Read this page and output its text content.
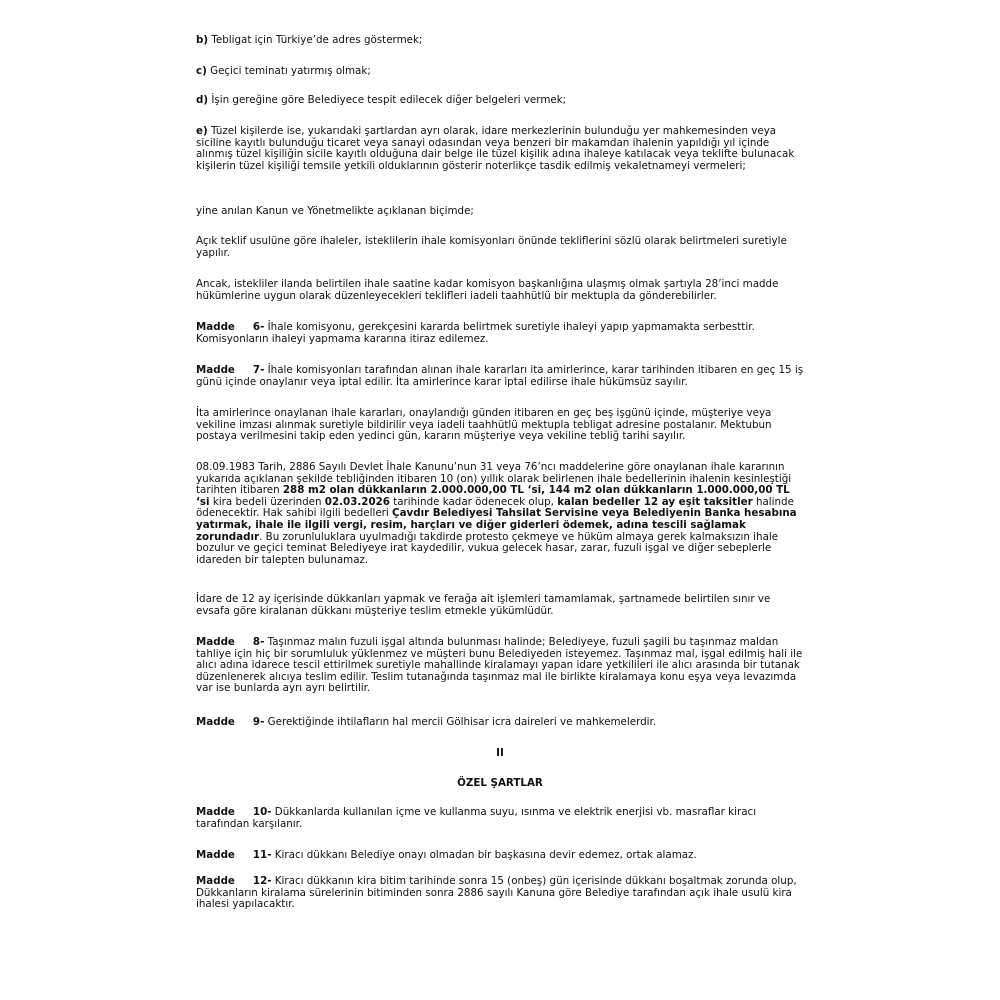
b) Tebligat için Türkiye’de adres göstermek;

c) Geçici teminatı yatırmış olmak;

d) İşin gereğine göre Belediyece tespit edilecek diğer belgeleri vermek;

e) Tüzel kişilerde ise, yukarıdaki şartlardan ayrı olarak, idare merkezlerinin bulunduğu yer mahkemesinden veya siciline kayıtlı bulunduğu ticaret veya sanayi odasından veya benzeri bir makamdan ihalenin yapıldığı yıl içinde alınmış tüzel kişiliğin sicile kayıtlı olduğuna dair belge ile tüzel kişilik adına ihaleye katılacak veya teklifte bulunacak kişilerin tüzel kişiliği temsile yetkili olduklarının gösterir noterlikçe tasdik edilmiş vekaletnameyi vermeleri;

yine anılan Kanun ve Yönetmelikte açıklanan biçimde;

Açık teklif usulüne göre ihaleler, isteklilerin ihale komisyonları önünde tekliflerini sözlü olarak belirtmeleri suretiyle yapılır.

Ancak, istekliler ilanda belirtilen ihale saatine kadar komisyon başkanlığına ulaşmış olmak şartıyla 28’inci madde hükümlerine uygun olarak düzenleyecekleri teklifleri iadeli taahhütlü bir mektupla da gönderebilirler.

Madde 6- İhale komisyonu, gerekçesini kararda belirtmek suretiyle ihaleyi yapıp yapmamakta serbesttir. Komisyonların ihaleyi yapmama kararına itiraz edilemez.

Madde 7- İhale komisyonları tarafından alınan ihale kararları ita amirlerince, karar tarihinden itibaren en geç 15 iş günü içinde onaylanır veya iptal edilir. İta amirlerince karar iptal edilirse ihale hükümsüz sayılır.

İta amirlerince onaylanan ihale kararları, onaylandığı günden itibaren en geç beş işgünü içinde, müşteriye veya vekiline imzası alınmak suretiyle bildirilir veya iadeli taahhütlü mektupla tebligat adresine postalanır. Mektubun postaya verilmesini takip eden yedinci gün, kararın müşteriye veya vekiline tebliğ tarihi sayılır.

08.09.1983 Tarih, 2886 Sayılı Devlet İhale Kanunu’nun 31 veya 76’ncı maddelerine göre onaylanan ihale kararının yukarıda açıklanan şekilde tebliğinden itibaren 10 (on) yıllık olarak belirlenen ihale bedellerinin ihalenin kesinleştiği tarihten itibaren 288 m2 olan dükkanların 2.000.000,00 TL ‘si, 144 m2 olan dükkanların 1.000.000,00 TL ‘si kira bedeli üzerinden 02.03.2026 tarihinde kadar ödenecek olup, kalan bedeller 12 ay eşit taksitler halinde ödenecektir. Hak sahibi ilgili bedelleri Çavdır Belediyesi Tahsilat Servisine veya Belediyenin Banka hesabına yatırmak, ihale ile ilgili vergi, resim, harçları ve diğer giderleri ödemek, adına tescili sağlamak zorundadır. Bu zorunluluklara uyulmadığı takdirde protesto çekmeye ve hüküm almaya gerek kalmaksızın ihale bozulur ve geçici teminat Belediyeye irat kaydedilir, vukua gelecek hasar, zarar, fuzuli işgal ve diğer sebeplerle idareden bir talepten bulunamaz.

İdare de 12 ay içerisinde dükkanları yapmak ve ferağa ait işlemleri tamamlamak, şartnamede belirtilen sınır ve evsafa göre kiralanan dükkanı müşteriye teslim etmekle yükümlüdür.

Madde 8- Taşınmaz malın fuzuli işgal altında bulunması halinde; Belediyeye, fuzuli şagili bu taşınmaz maldan tahliye için hiç bir sorumluluk yüklenmez ve müşteri bunu Belediyeden isteyemez. Taşınmaz mal, işgal edilmiş hali ile alıcı adına idarece tescil ettirilmek suretiyle mahallinde kiralamayı yapan idare yetkilileri ile alıcı arasında bir tutanak düzenlenerek alıcıya teslim edilir. Teslim tutanağında taşınmaz mal ile birlikte kiralamaya konu eşya veya levazımda var ise bunlarda ayrı ayrı belirtilir.

Madde 9- Gerektiğinde ihtilafların hal mercii Gölhisar icra daireleri ve mahkemelerdir.

II

ÖZEL ŞARTLAR

Madde 10- Dükkanlarda kullanılan içme ve kullanma suyu, ısınma ve elektrik enerjisi vb. masraflar kiracı tarafından karşılanır.

Madde 11- Kiracı dükkanı Belediye onayı olmadan bir başkasına devir edemez, ortak alamaz.

Madde 12- Kiracı dükkanın kira bitim tarihinde sonra 15 (onbeş) gün içerisinde dükkanı boşaltmak zorunda olup, Dükkanların kiralama sürelerinin bitiminden sonra 2886 sayılı Kanuna göre Belediye tarafından açık ihale usulü kira ihalesi yapılacaktır.
